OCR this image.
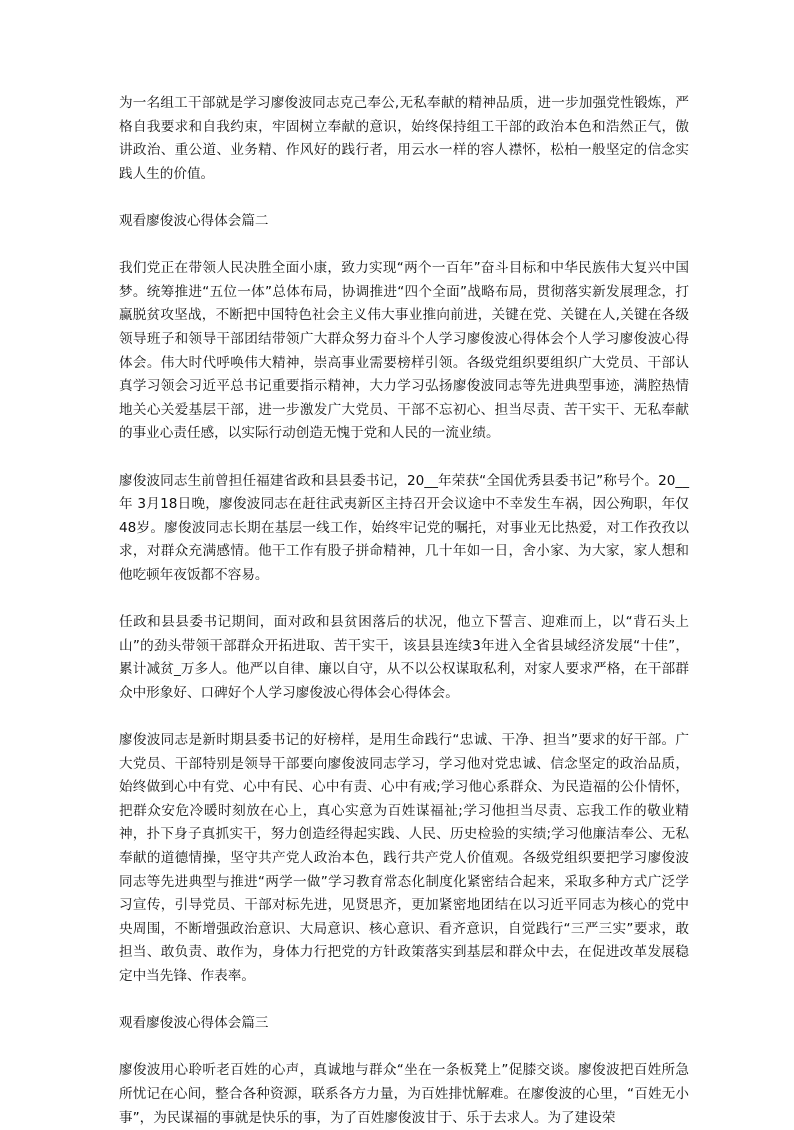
为一名组工干部就是学习廖俊波同志克己奉公,无私奉献的精神品质，进一步加强党性锻炼，严格自我要求和自我约束，牢固树立奉献的意识，始终保持组工干部的政治本色和浩然正气，傲讲政治、重公道、业务精、作风好的践行者，用云水一样的容人襟怀，松柏一般坚定的信念实践人生的价值。

观看廖俊波心得体会篇二

我们党正在带领人民决胜全面小康，致力实现“两个一百年”奋斗目标和中华民族伟大复兴中国梦。统筹推进“五位一体”总体布局，协调推进“四个全面”战略布局，贯彻落实新发展理念，打赢脱贫攻坚战，不断把中国特色社会主义伟大事业推向前进，关键在党、关键在人,关键在各级领导班子和领导干部团结带领广大群众努力奋斗个人学习廖俊波心得体会个人学习廖俊波心得体会。伟大时代呼唤伟大精神，崇高事业需要榜样引领。各级党组织要组织广大党员、干部认真学习领会习近平总书记重要指示精神，大力学习弘扬廖俊波同志等先进典型事迹，满腔热情地关心关爱基层干部，进一步激发广大党员、干部不忘初心、担当尽责、苦干实干、无私奉献的事业心责任感，以实际行动创造无愧于党和人民的一流业绩。

廖俊波同志生前曾担任福建省政和县县委书记，20__年荣获“全国优秀县委书记”称号个。20__年 3月18日晚，廖俊波同志在赶往武夷新区主持召开会议途中不幸发生车祸，因公殉职，年仅48岁。廖俊波同志长期在基层一线工作，始终牢记党的嘱托，对事业无比热爱，对工作孜孜以求，对群众充满感情。他干工作有股子拼命精神，几十年如一日，舍小家、为大家，家人想和他吃顿年夜饭都不容易。

任政和县县委书记期间，面对政和县贫困落后的状况，他立下誓言、迎难而上，以“背石头上山”的劲头带领干部群众开拓进取、苦干实干，该县县连续3年进入全省县域经济发展“十佳”，累计减贫_万多人。他严以自律、廉以自守，从不以公权谋取私利，对家人要求严格，在干部群众中形象好、口碑好个人学习廖俊波心得体会心得体会。

廖俊波同志是新时期县委书记的好榜样，是用生命践行“忠诚、干净、担当”要求的好干部。广大党员、干部特别是领导干部要向廖俊波同志学习，学习他对党忠诚、信念坚定的政治品质，始终做到心中有党、心中有民、心中有责、心中有戒;学习他心系群众、为民造福的公仆情怀，把群众安危冷暖时刻放在心上，真心实意为百姓谋福祉;学习他担当尽责、忘我工作的敬业精神，扑下身子真抓实干，努力创造经得起实践、人民、历史检验的实绩;学习他廉洁奉公、无私奉献的道德情操，坚守共产党人政治本色，践行共产党人价值观。各级党组织要把学习廖俊波同志等先进典型与推进“两学一做”学习教育常态化制度化紧密结合起来，采取多种方式广泛学习宣传，引导党员、干部对标先进，见贤思齐，更加紧密地团结在以习近平同志为核心的党中央周围，不断增强政治意识、大局意识、核心意识、看齐意识，自觉践行“三严三实”要求，敢担当、敢负责、敢作为，身体力行把党的方针政策落实到基层和群众中去，在促进改革发展稳定中当先锋、作表率。

观看廖俊波心得体会篇三

廖俊波用心聆听老百姓的心声，真诚地与群众“坐在一条板凳上”促膝交谈。廖俊波把百姓所急所忧记在心间，整合各种资源，联系各方力量，为百姓排忧解难。在廖俊波的心里，“百姓无小事”，为民谋福的事就是快乐的事，为了百姓廖俊波甘于、乐于去求人。为了建设荣
